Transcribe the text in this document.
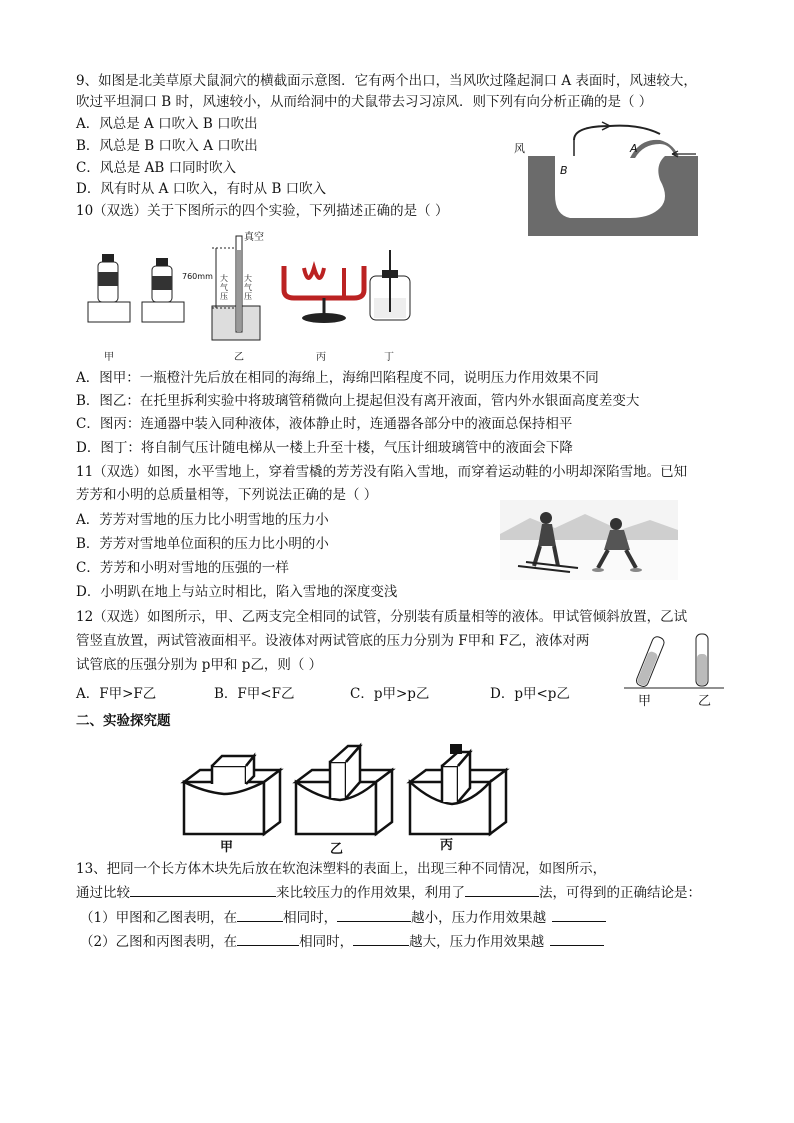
9、如图是北美草原犬鼠洞穴的横截面示意图．它有两个出口，当风吹过隆起洞口 A 表面时，风速较大，
吹过平坦洞口 B 时，风速较小，从而给洞中的犬鼠带去习习凉风．则下列有向分析正确的是（ ）
A．风总是 A 口吹入 B 口吹出
B．风总是 B 口吹入 A 口吹出
C．风总是 AB 口同时吹入
D．风有时从 A 口吹入，有时从 B 口吹入
风	A
B
10（双选）关于下图所示的四个实验，下列描述正确的是（ ）
真空
760mm 大气压
大气压
甲	乙	丙	丁
A．图甲：一瓶橙汁先后放在相同的海绵上，海绵凹陷程度不同，说明压力作用效果不同
B．图乙：在托里拆利实验中将玻璃管稍微向上提起但没有离开液面，管内外水银面高度差变大
C．图丙：连通器中装入同种液体，液体静止时，连通器各部分中的液面总保持相平
D．图丁：将自制气压计随电梯从一楼上升至十楼，气压计细玻璃管中的液面会下降
11（双选）如图，水平雪地上，穿着雪橇的芳芳没有陷入雪地，而穿着运动鞋的小明却深陷雪地。已知
芳芳和小明的总质量相等，下列说法正确的是（ ）
A．芳芳对雪地的压力比小明雪地的压力小
B．芳芳对雪地单位面积的压力比小明的小
C．芳芳和小明对雪地的压强的一样
D．小明趴在地上与站立时相比，陷入雪地的深度变浅
12（双选）如图所示，甲、乙两支完全相同的试管，分别装有质量相等的液体。甲试管倾斜放置，乙试
管竖直放置，两试管液面相平。设液体对两试管底的压力分别为 F甲和 F乙，液体对两
试管底的压强分别为 p甲和 p乙，则（ ）
A．F甲>F乙	B．F甲<F乙	C．p甲>p乙	D．p甲<p乙	甲	乙
二、实验探究题
甲	乙	丙
13、把同一个长方体木块先后放在软泡沫塑料的表面上，出现三种不同情况，如图所示，
通过比较	来比较压力的作用效果，利用了	法，可得到的正确结论是：
（1）甲图和乙图表明，在	相同时，	越小，压力作用效果越
（2）乙图和丙图表明，在	相同时，	越大，压力作用效果越
